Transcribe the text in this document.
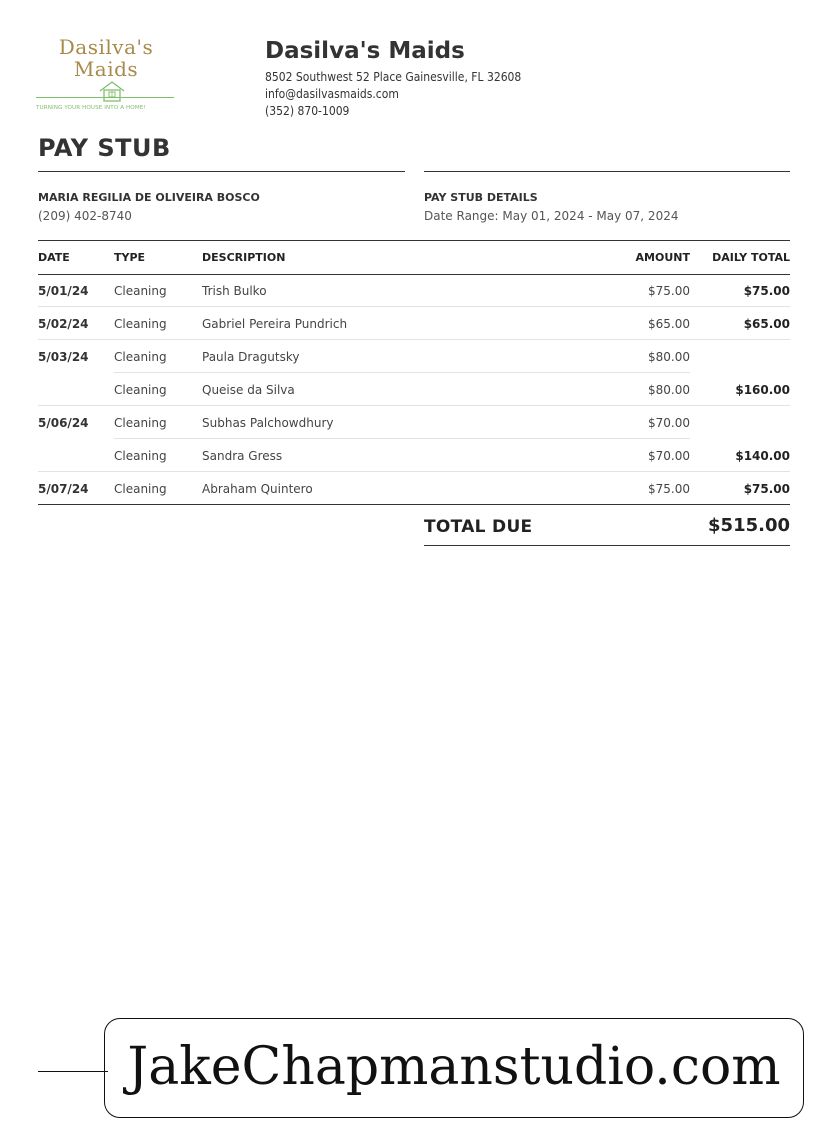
Dasilva's
Maids
TURNING YOUR HOUSE INTO A HOME!
Dasilva's Maids
8502 Southwest 52 Place Gainesville, FL 32608
info@dasilvasmaids.com
(352) 870-1009
PAY STUB
MARIA REGILIA DE OLIVEIRA BOSCO
(209) 402-8740
PAY STUB DETAILS
Date Range: May 01, 2024 - May 07, 2024
DATE	TYPE	DESCRIPTION	AMOUNT	DAILY TOTAL
5/01/24 Cleaning	Trish Bulko	$75.00	$75.00
5/02/24 Cleaning	Gabriel Pereira Pundrich	$65.00	$65.00
5/03/24 Cleaning	Paula Dragutsky	$80.00
Cleaning	Queise da Silva	$80.00	$160.00
5/06/24 Cleaning	Subhas Palchowdhury	$70.00
Cleaning	Sandra Gress	$70.00	$140.00
5/07/24 Cleaning	Abraham Quintero	$75.00	$75.00
TOTAL DUE	$515.00
JakeChapmanstudio.com
